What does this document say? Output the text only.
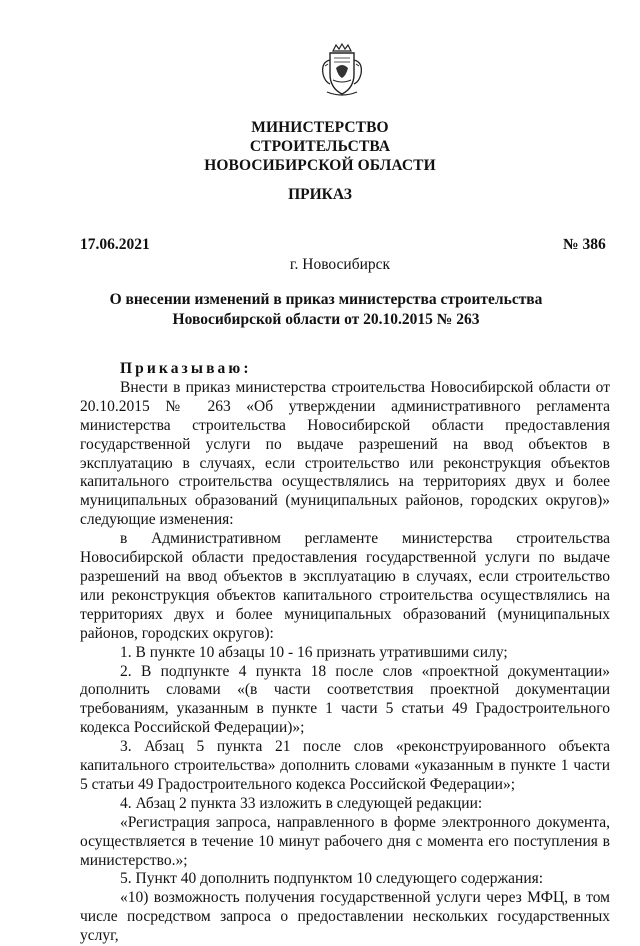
МИНИСТЕРСТВО
СТРОИТЕЛЬСТВА
НОВОСИБИРСКОЙ ОБЛАСТИ
ПРИКАЗ
17.06.2021	№ 386
г. Новосибирск
О внесении изменений в приказ министерства строительства
Новосибирской области от 20.10.2015 № 263

Приказываю:

Внести в приказ министерства строительства Новосибирской области от 20.10.2015 № 263 «Об утверждении административного регламента министерства строительства Новосибирской области предоставления государственной услуги по выдаче разрешений на ввод объектов в эксплуатацию в случаях, если строительство или реконструкция объектов капитального строительства осуществлялись на территориях двух и более муниципальных образований (муниципальных районов, городских округов)» следующие изменения:

в Административном регламенте министерства строительства Новосибирской области предоставления государственной услуги по выдаче разрешений на ввод объектов в эксплуатацию в случаях, если строительство или реконструкция объектов капитального строительства осуществлялись на территориях двух и более муниципальных образований (муниципальных районов, городских округов):

1. В пункте 10 абзацы 10 - 16 признать утратившими силу;

2. В подпункте 4 пункта 18 после слов «проектной документации» дополнить словами «(в части соответствия проектной документации требованиям, указанным в пункте 1 части 5 статьи 49 Градостроительного кодекса Российской Федерации)»;

3. Абзац 5 пункта 21 после слов «реконструированного объекта капитального строительства» дополнить словами «указанным в пункте 1 части 5 статьи 49 Градостроительного кодекса Российской Федерации»;

4. Абзац 2 пункта 33 изложить в следующей редакции:

«Регистрация запроса, направленного в форме электронного документа, осуществляется в течение 10 минут рабочего дня с момента его поступления в министерство.»;

5. Пункт 40 дополнить подпунктом 10 следующего содержания:

«10) возможность получения государственной услуги через МФЦ, в том числе посредством запроса о предоставлении нескольких государственных услуг,
